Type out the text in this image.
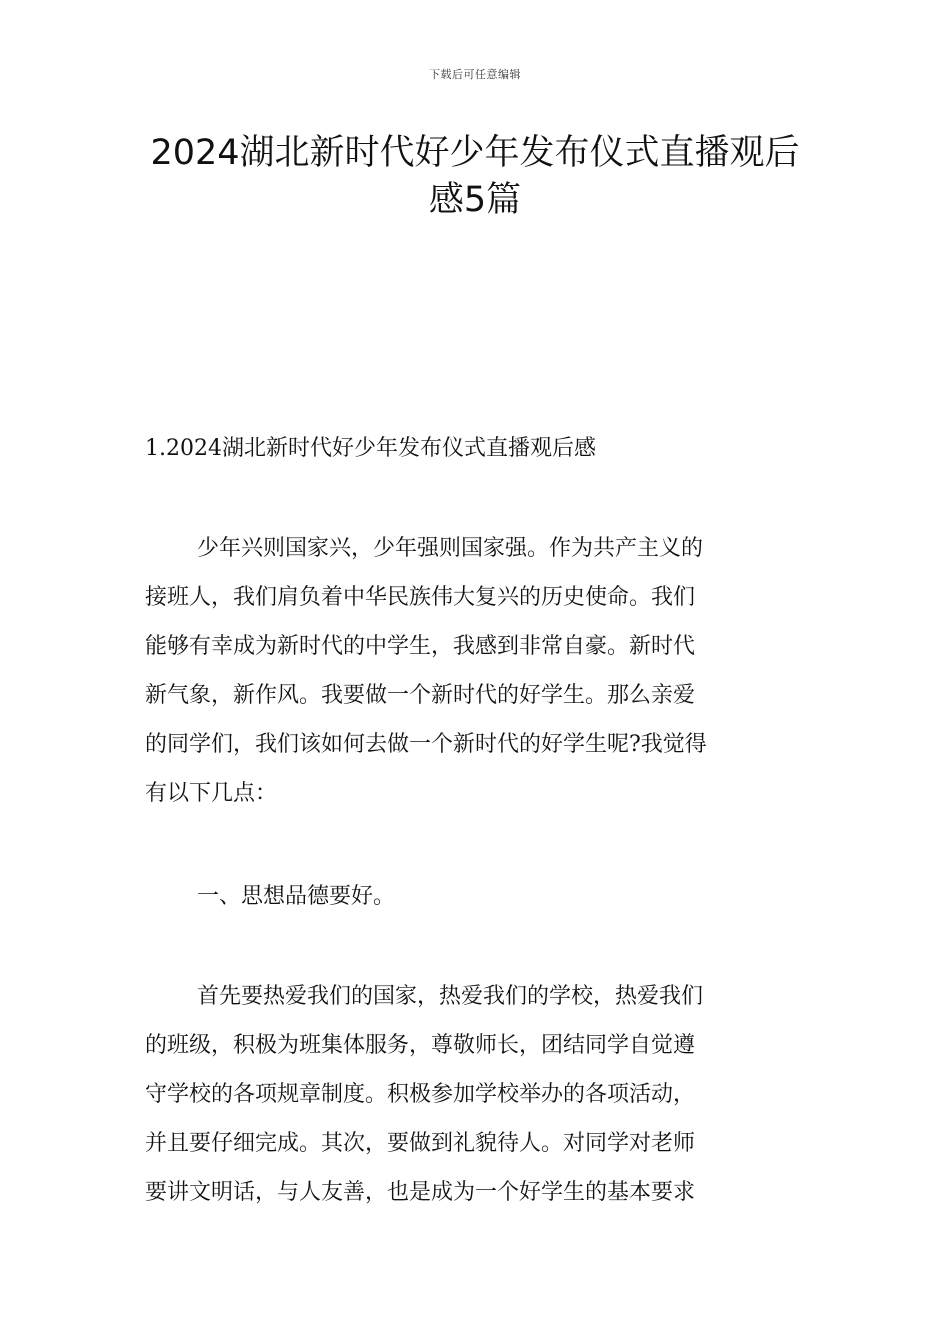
下载后可任意编辑
2024湖北新时代好少年发布仪式直播观后
感5篇
1.2024湖北新时代好少年发布仪式直播观后感
少年兴则国家兴，少年强则国家强。作为共产主义的
接班人，我们肩负着中华民族伟大复兴的历史使命。我们
能够有幸成为新时代的中学生，我感到非常自豪。新时代
新气象，新作风。我要做一个新时代的好学生。那么亲爱
的同学们，我们该如何去做一个新时代的好学生呢?我觉得
有以下几点：
一、思想品德要好。
首先要热爱我们的国家，热爱我们的学校，热爱我们
的班级，积极为班集体服务，尊敬师长，团结同学自觉遵
守学校的各项规章制度。积极参加学校举办的各项活动，
并且要仔细完成。其次，要做到礼貌待人。对同学对老师
要讲文明话，与人友善，也是成为一个好学生的基本要求
